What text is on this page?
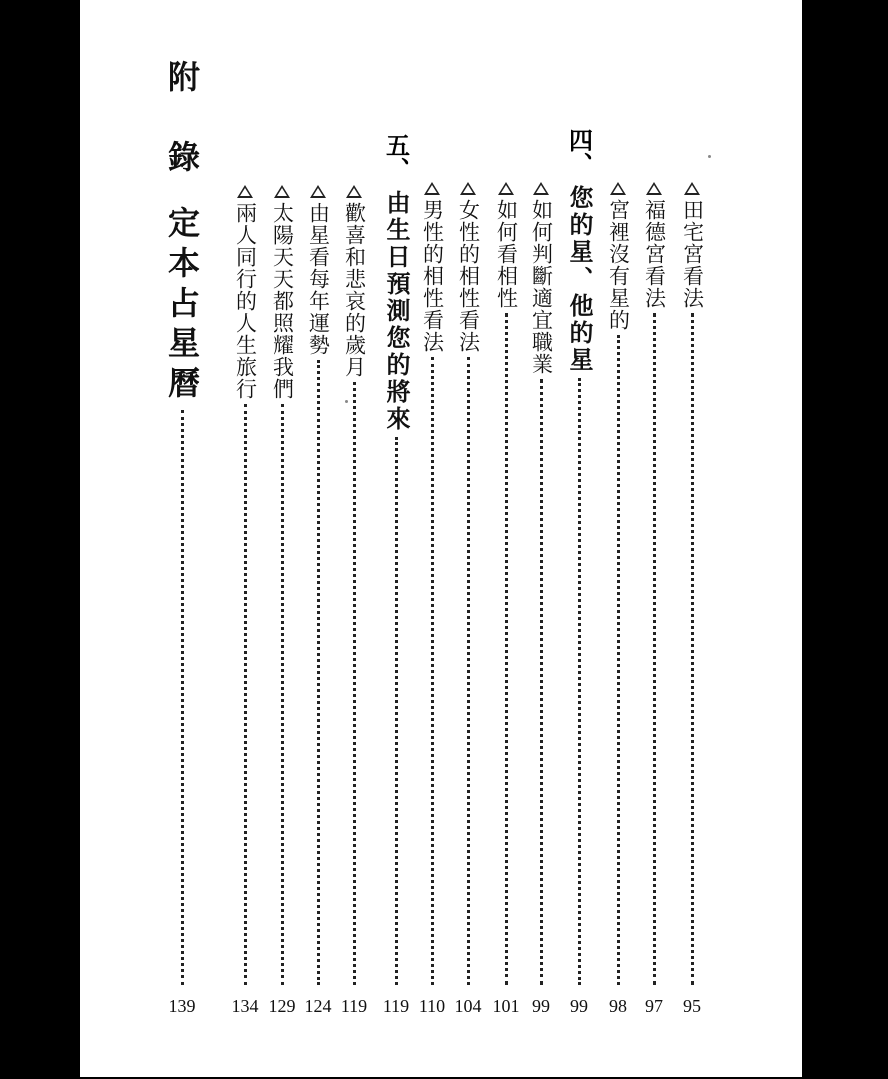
95
田宅宮看法
97
福德宮看法
98
宮裡沒有星的
99
四、
您的星、他的星
99
如何判斷適宜職業
101
如何看相性
104
女性的相性看法
110
男性的相性看法
119
五、
由生日預測您的將來
119
歡喜和悲哀的歲月
124
由星看每年運勢
129
太陽天天都照耀我們
134
兩人同行的人生旅行
139
附
錄
定本占星曆
